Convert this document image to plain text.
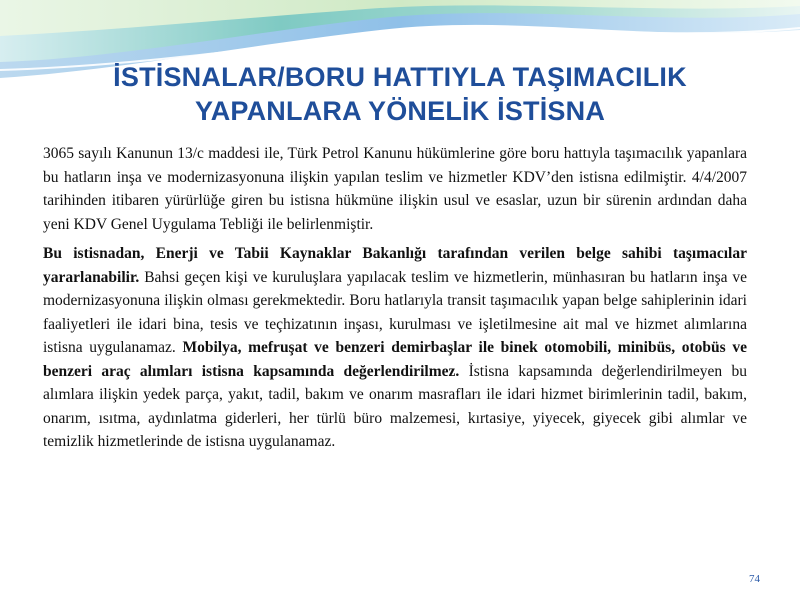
İSTİSNALAR/BORU HATTIYLA TAŞIMACILIK
YAPANLARA YÖNELİK İSTİSNA

3065 sayılı Kanunun 13/c maddesi ile, Türk Petrol Kanunu hükümlerine göre boru hattıyla taşımacılık yapanlara bu hatların inşa ve modernizasyonuna ilişkin yapılan teslim ve hizmetler KDV’den istisna edilmiştir. 4/4/2007 tarihinden itibaren yürürlüğe giren bu istisna hükmüne ilişkin usul ve esaslar, uzun bir sürenin ardından daha yeni KDV Genel Uygulama Tebliği ile belirlenmiştir.

Bu istisnadan, Enerji ve Tabii Kaynaklar Bakanlığı tarafından verilen belge sahibi taşımacılar yararlanabilir. Bahsi geçen kişi ve kuruluşlara yapılacak teslim ve hizmetlerin, münhasıran bu hatların inşa ve modernizasyonuna ilişkin olması gerekmektedir. Boru hatlarıyla transit taşımacılık yapan belge sahiplerinin idari faaliyetleri ile idari bina, tesis ve teçhizatının inşası, kurulması ve işletilmesine ait mal ve hizmet alımlarına istisna uygulanamaz. Mobilya, mefruşat ve benzeri demirbaşlar ile binek otomobili, minibüs, otobüs ve benzeri araç alımları istisna kapsamında değerlendirilmez. İstisna kapsamında değerlendirilmeyen bu alımlara ilişkin yedek parça, yakıt, tadil, bakım ve onarım masrafları ile idari hizmet birimlerinin tadil, bakım, onarım, ısıtma, aydınlatma giderleri, her türlü büro malzemesi, kırtasiye, yiyecek, giyecek gibi alımlar ve temizlik hizmetlerinde de istisna uygulanamaz.

74
